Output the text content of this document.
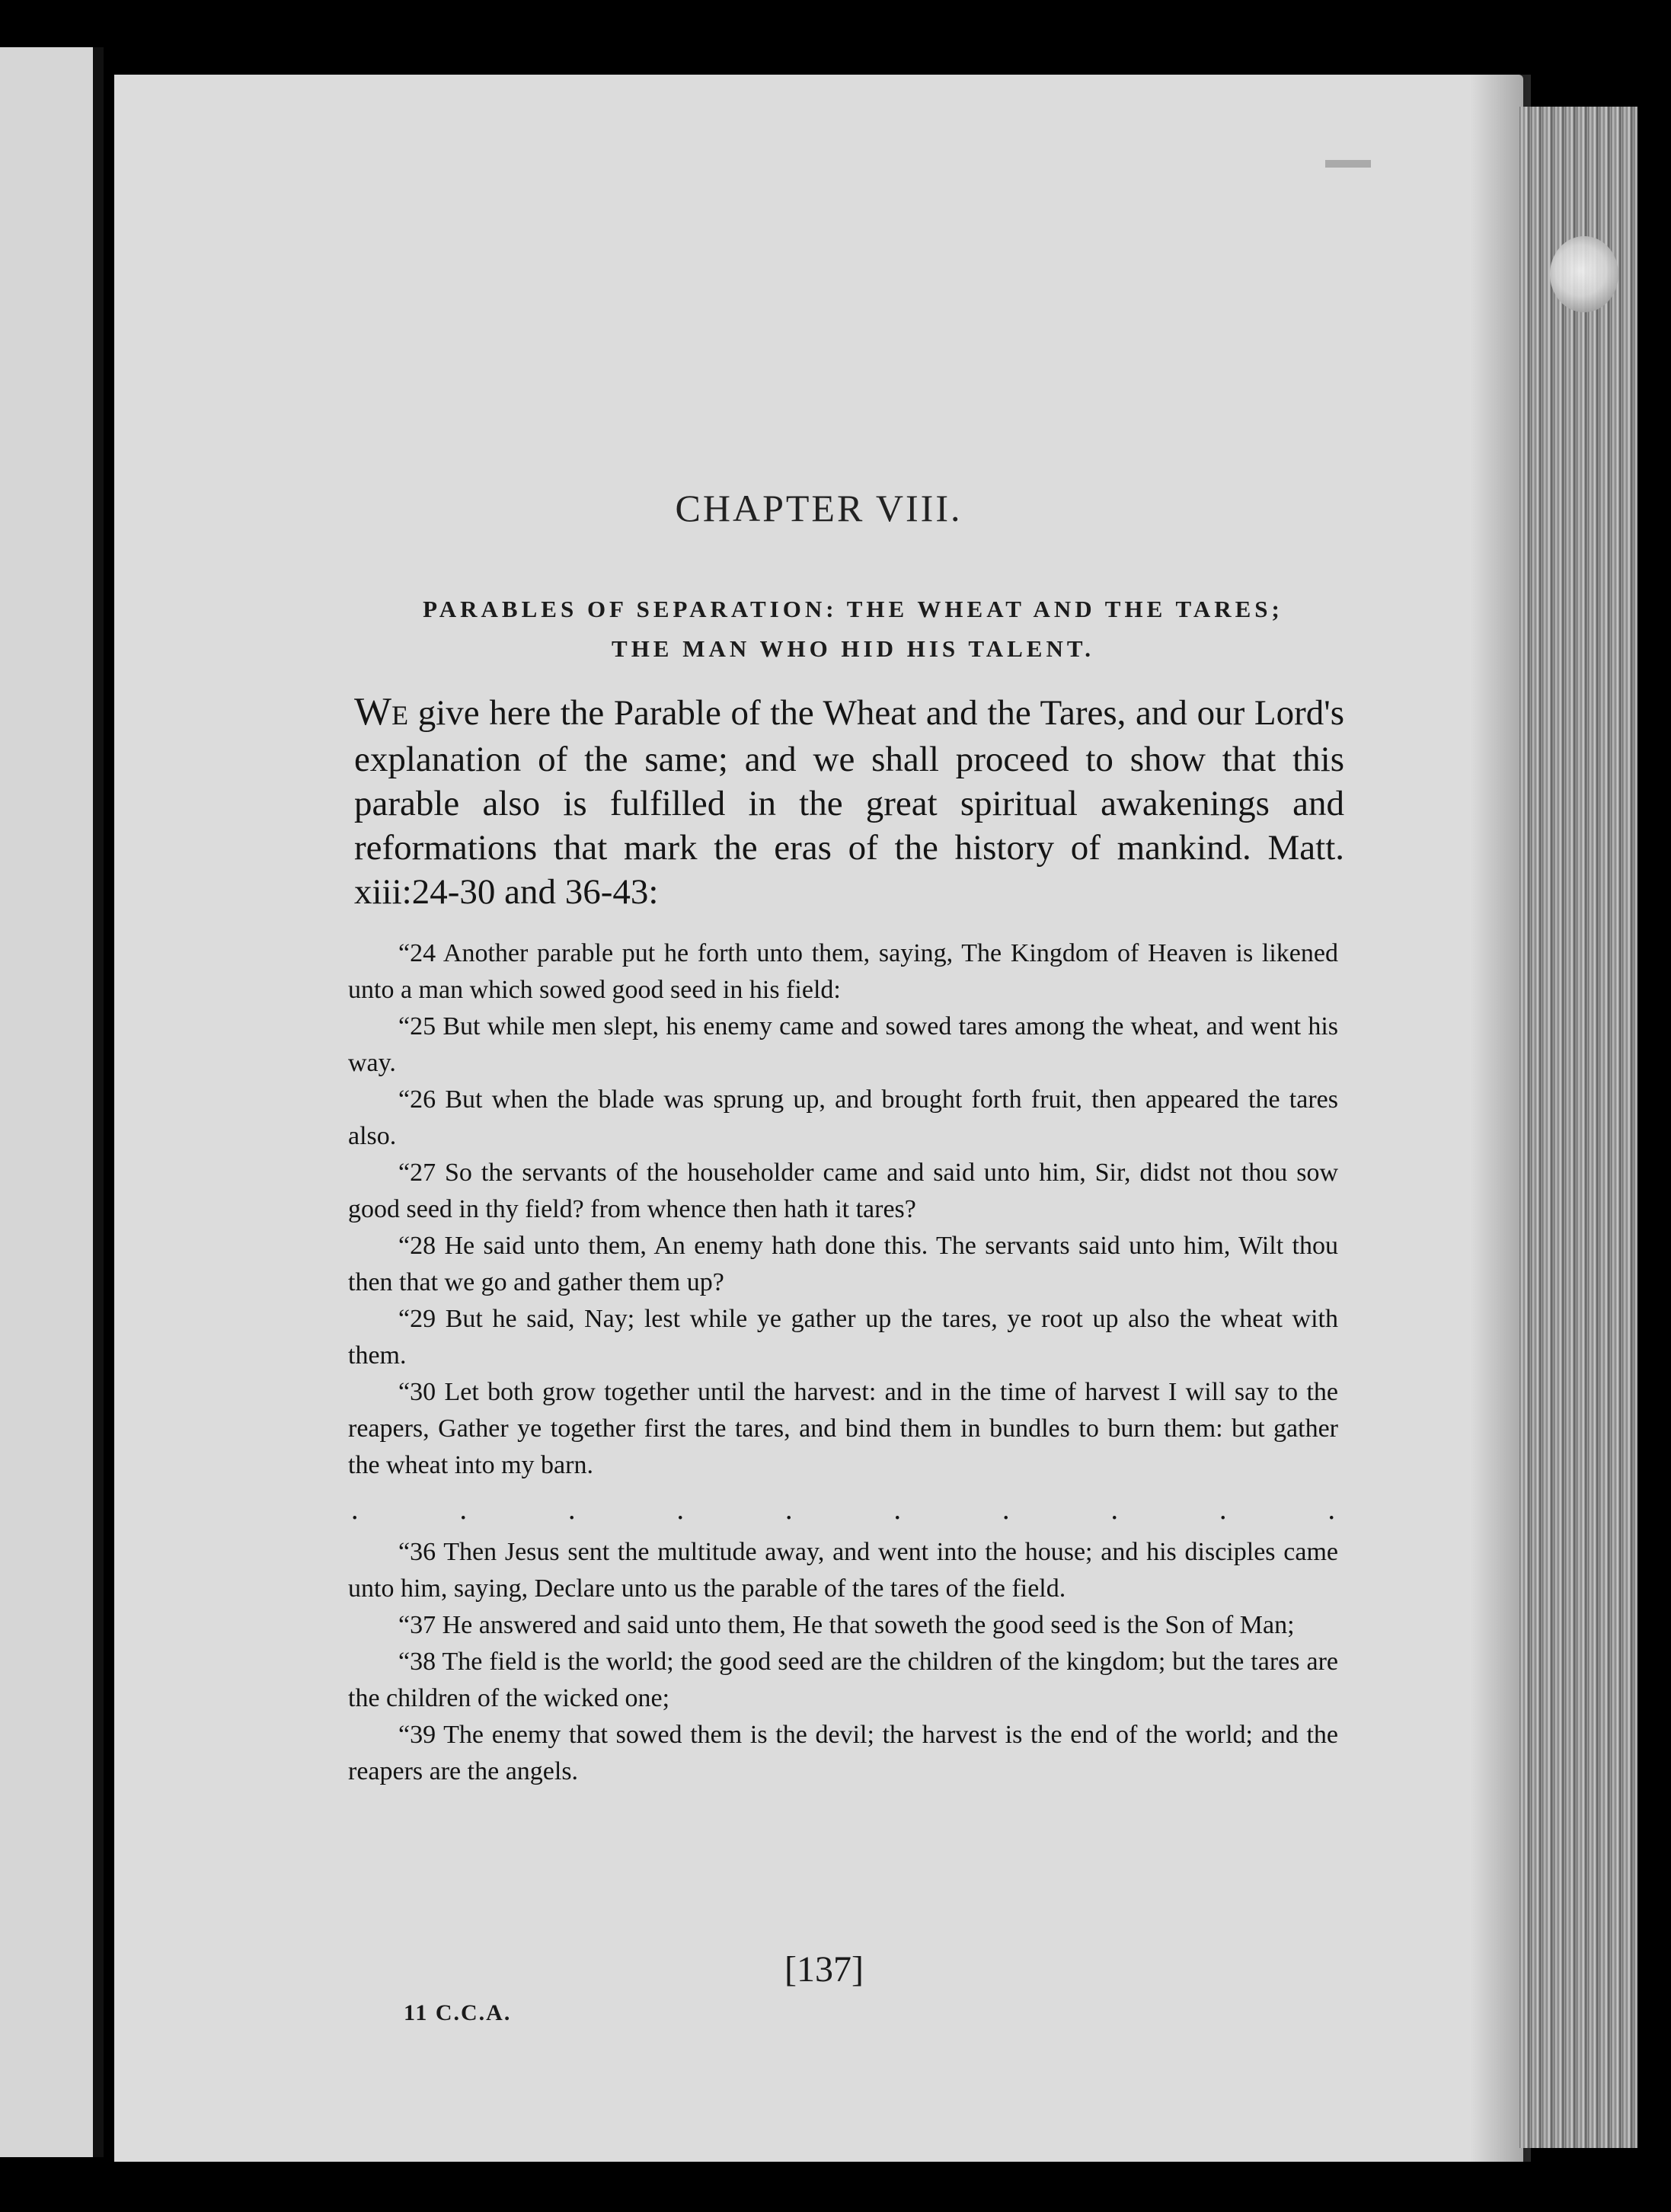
CHAPTER VIII.
PARABLES OF SEPARATION: THE WHEAT AND THE TARES;
THE MAN WHO HID HIS TALENT.
WE give here the Parable of the Wheat and the Tares, and our Lord's explanation of the same; and we shall proceed to show that this parable also is fulfilled in the great spiritual awakenings and reformations that mark the eras of the history of mankind. Matt. xiii:24-30 and 36-43:

“24 Another parable put he forth unto them, saying, The Kingdom of Heaven is likened unto a man which sowed good seed in his field:

“25 But while men slept, his enemy came and sowed tares among the wheat, and went his way.

“26 But when the blade was sprung up, and brought forth fruit, then appeared the tares also.

“27 So the servants of the householder came and said unto him, Sir, didst not thou sow good seed in thy field? from whence then hath it tares?

“28 He said unto them, An enemy hath done this. The servants said unto him, Wilt thou then that we go and gather them up?

“29 But he said, Nay; lest while ye gather up the tares, ye root up also the wheat with them.

“30 Let both grow together until the harvest: and in the time of harvest I will say to the reapers, Gather ye together first the tares, and bind them in bundles to burn them: but gather the wheat into my barn.

.	.	.	.	.	.	.	.	.	.

“36 Then Jesus sent the multitude away, and went into the house; and his disciples came unto him, saying, Declare unto us the parable of the tares of the field.

“37 He answered and said unto them, He that soweth the good seed is the Son of Man;

“38 The field is the world; the good seed are the children of the kingdom; but the tares are the children of the wicked one;

“39 The enemy that sowed them is the devil; the harvest is the end of the world; and the reapers are the angels.

[137]
11 C.C.A.
